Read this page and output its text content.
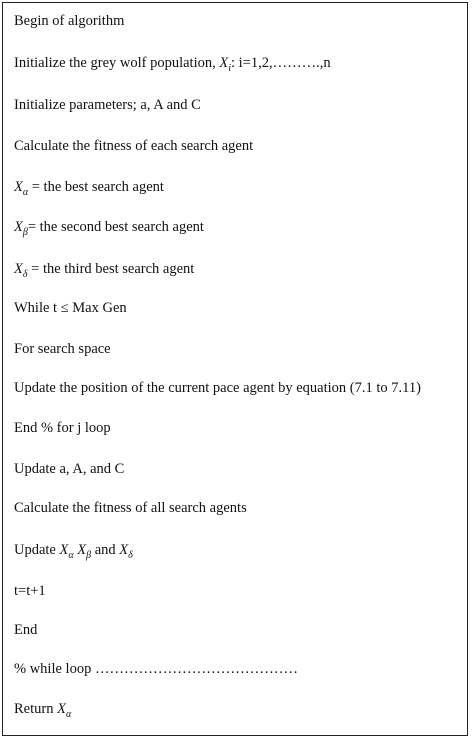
Begin of algorithm
Initialize the grey wolf population, $X_i$: i=1,2,……….,n
Initialize parameters; a, A and C
Calculate the fitness of each search agent
$X_\alpha$ = the best search agent
$X_\beta=$ the second best search agent
$X_\delta$ = the third best search agent
While t ≤ Max Gen
For search space
Update the position of the current pace agent by equation (7.1 to 7.11)
End % for j loop
Update a, A, and C
Calculate the fitness of all search agents
Update $X_\alpha$ $X_\beta$ and $X_\delta$
t=t+1
End
% while loop ……………………………………
Return $X_\alpha$
